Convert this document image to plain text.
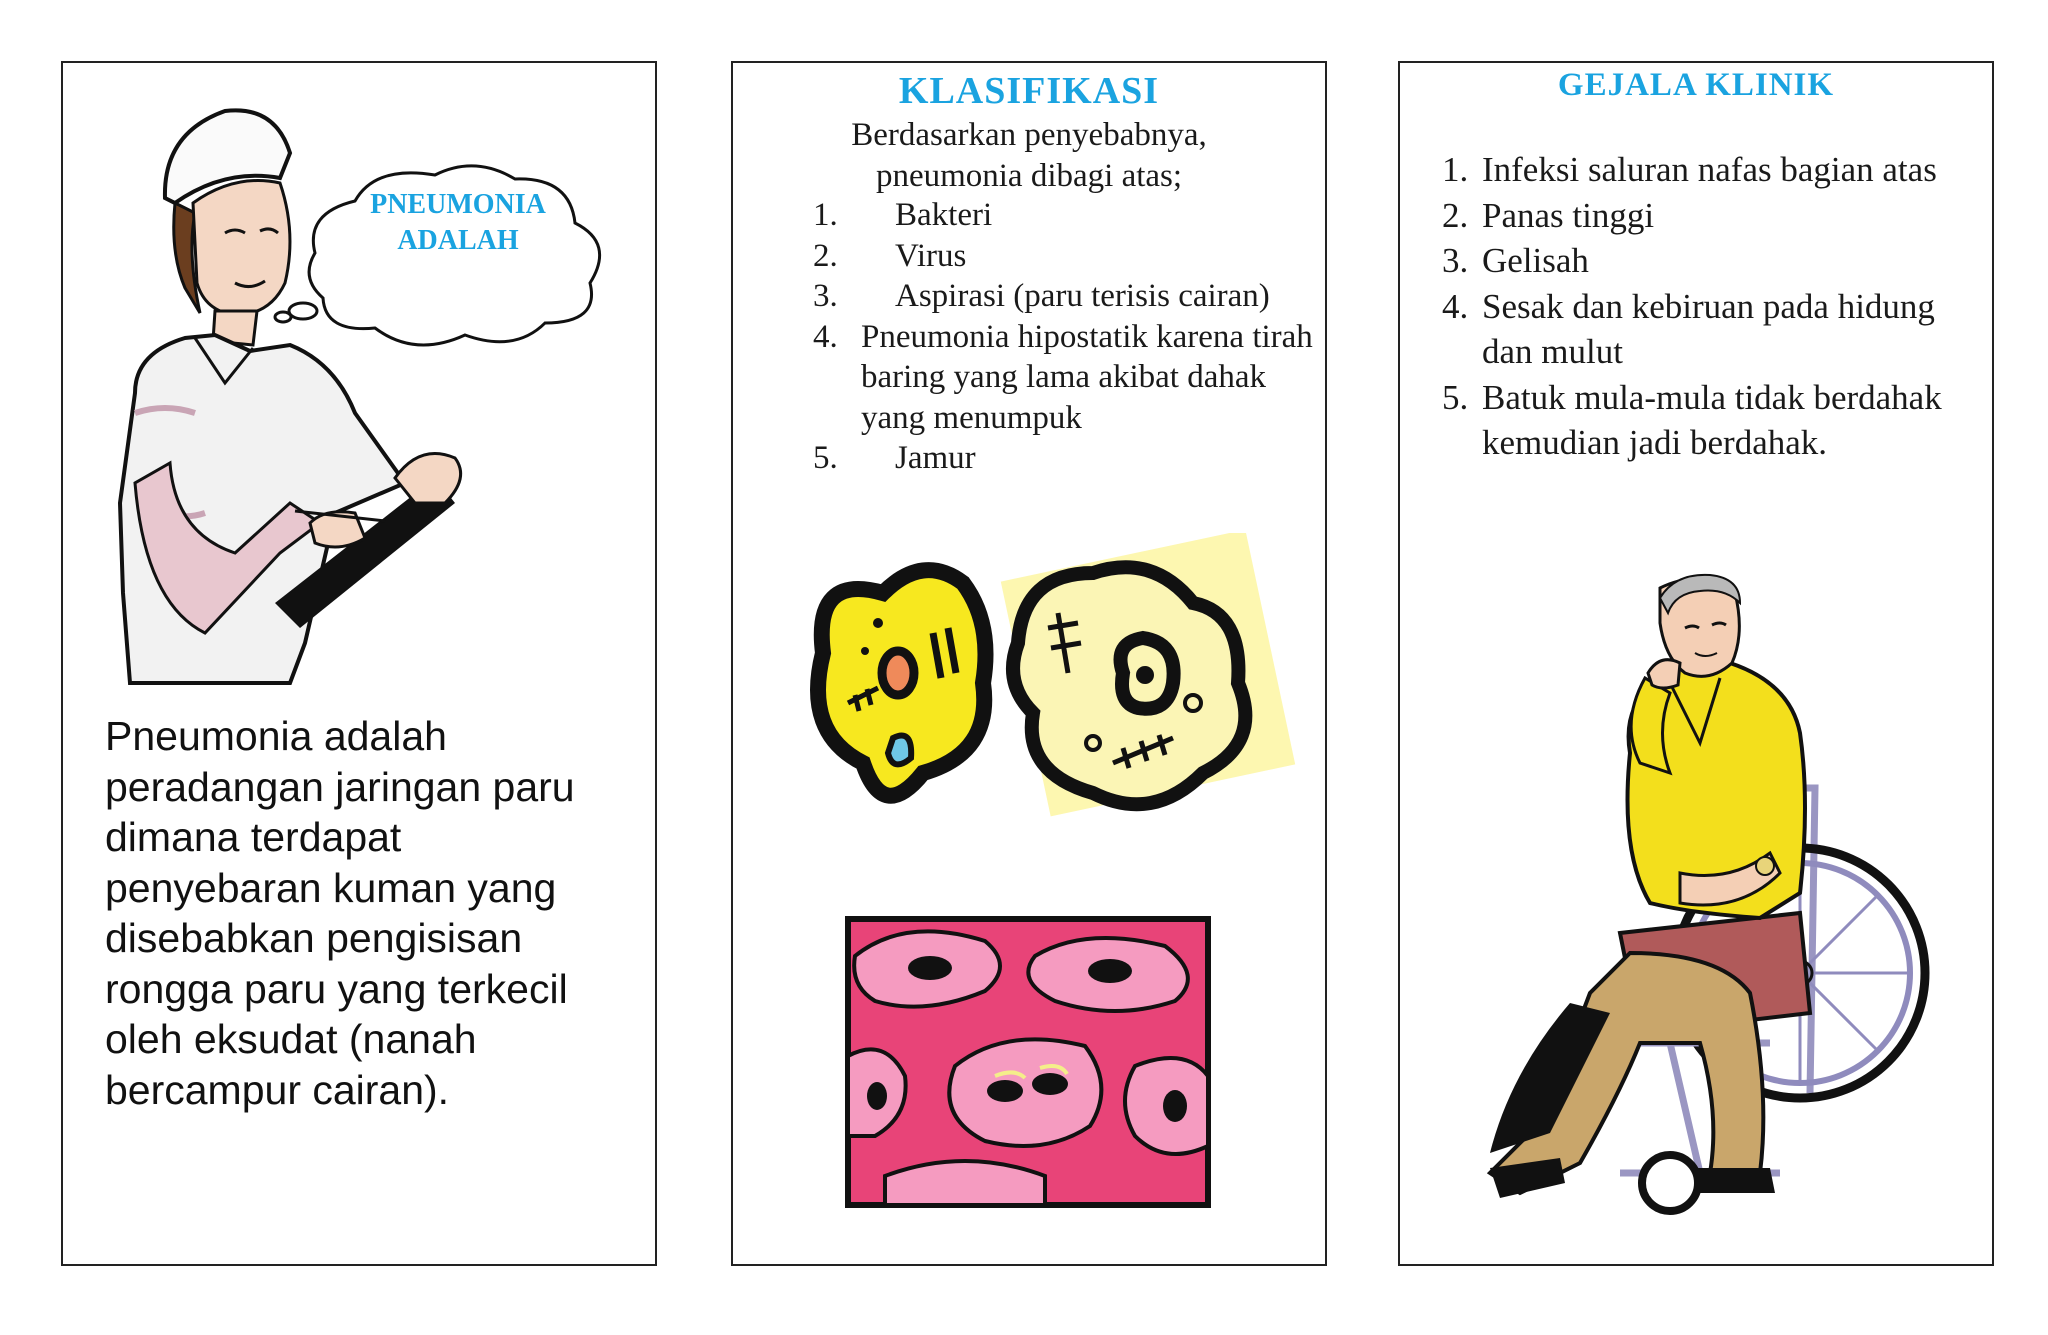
PNEUMONIA
ADALAH
Pneumonia adalah peradangan jaringan paru dimana terdapat penyebaran kuman yang disebabkan pengisisan rongga paru yang terkecil oleh eksudat (nanah bercampur cairan).
KLASIFIKASI
Berdasarkan penyebabnya,
pneumonia dibagi atas;
1.	Bakteri
2.	Virus
3.	Aspirasi (paru terisis cairan)
4. Pneumonia hipostatik karena tirah baring yang lama akibat dahak yang menumpuk
5.	Jamur
GEJALA KLINIK
1. Infeksi saluran nafas bagian atas
2. Panas tinggi
3. Gelisah
4. Sesak dan kebiruan pada hidung dan mulut
5. Batuk mula-mula tidak berdahak kemudian jadi berdahak.
